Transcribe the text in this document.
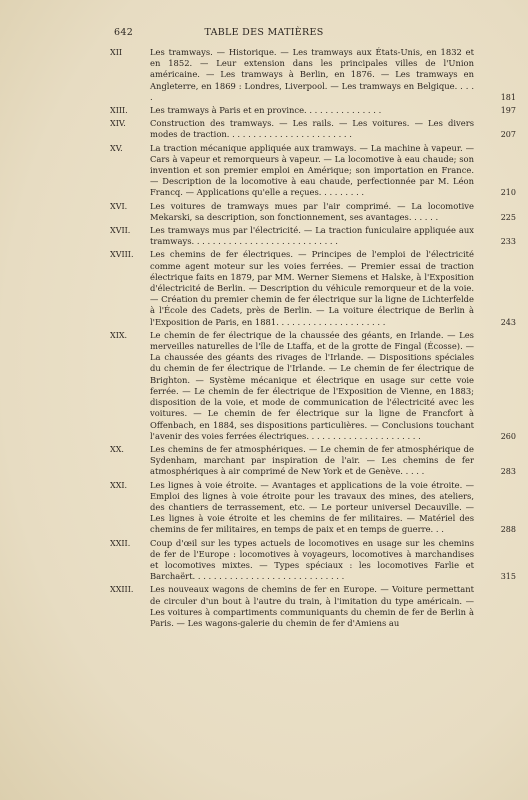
642	TABLE DES MATIÈRES
XII	Les tramways. — Historique. — Les tramways aux États-Unis, en 1832 et en 1852. — Leur extension dans les principales villes de l'Union américaine. — Les tramways à Berlin, en 1876. — Les tramways en Angleterre, en 1869 : Londres, Liverpool. — Les tramways en Belgique. . . . .	181
XIII.	Les tramways à Paris et en province. . . . . . . . . . . . . . .	197
XIV.	Construction des tramways. — Les rails. — Les voitures. — Les divers modes de traction. . . . . . . . . . . . . . . . . . . . . . . .	207
XV.	La traction mécanique appliquée aux tramways. — La machine à vapeur. — Cars à vapeur et remorqueurs à vapeur. — La locomotive à eau chaude; son invention et son premier emploi en Amérique; son importation en France. — Description de la locomotive à eau chaude, perfectionnée par M. Léon Francq. — Applications qu'elle a reçues. . . . . . . . .	210
XVI.	Les voitures de tramways mues par l'air comprimé. — La locomotive Mekarski, sa description, son fonctionnement, ses avantages. . . . . .	225
XVII.	Les tramways mus par l'électricité. — La traction funiculaire appliquée aux tramways. . . . . . . . . . . . . . . . . . . . . . . . . . . .	233
XVIII.	Les chemins de fer électriques. — Principes de l'emploi de l'électricité comme agent moteur sur les voies ferrées. — Premier essai de traction électrique faits en 1879, par MM. Werner Siemens et Halske, à l'Exposition d'électricité de Berlin. — Description du véhicule remorqueur et de la voie. — Création du premier chemin de fer électrique sur la ligne de Lichterfelde à l'École des Cadets, près de Berlin. — La voiture électrique de Berlin à l'Exposition de Paris, en 1881. . . . . . . . . . . . . . . . . . . . .	243
XIX.	Le chemin de fer électrique de la chaussée des géants, en Irlande. — Les merveilles naturelles de l'île de Ltaffa, et de la grotte de Fingal (Écosse). — La chaussée des géants des rivages de l'Irlande. — Dispositions spéciales du chemin de fer électrique de l'Irlande. — Le chemin de fer électrique de Brighton. — Système mécanique et électrique en usage sur cette voie ferrée. — Le chemin de fer électrique de l'Exposition de Vienne, en 1883; disposition de la voie, et mode de communication de l'électricité avec les voitures. — Le chemin de fer électrique sur la ligne de Francfort à Offenbach, en 1884, ses dispositions particulières. — Conclusions touchant l'avenir des voies ferrées électriques. . . . . . . . . . . . . . . . . . . . . .	260
XX.	Les chemins de fer atmosphériques. — Le chemin de fer atmosphérique de Sydenham, marchant par inspiration de l'air. — Les chemins de fer atmosphériques à air comprimé de New York et de Genève. . . . .	283
XXI.	Les lignes à voie étroite. — Avantages et applications de la voie étroite. — Emploi des lignes à voie étroite pour les travaux des mines, des ateliers, des chantiers de terrassement, etc. — Le porteur universel Decauville. — Les lignes à voie étroite et les chemins de fer militaires. — Matériel des chemins de fer militaires, en temps de paix et en temps de guerre. . .	288
XXII.	Coup d'œil sur les types actuels de locomotives en usage sur les chemins de fer de l'Europe : locomotives à voyageurs, locomotives à marchandises et locomotives mixtes. — Types spéciaux : les locomotives Farlie et Barchaërt. . . . . . . . . . . . . . . . . . . . . . . . . . . . .	315
XXIII.	Les nouveaux wagons de chemins de fer en Europe. — Voiture permettant de circuler d'un bout à l'autre du train, à l'imitation du type américain. — Les voitures à compartiments communiquants du chemin de fer de Berlin à Paris. — Les wagons-galerie du chemin de fer d'Amiens au
